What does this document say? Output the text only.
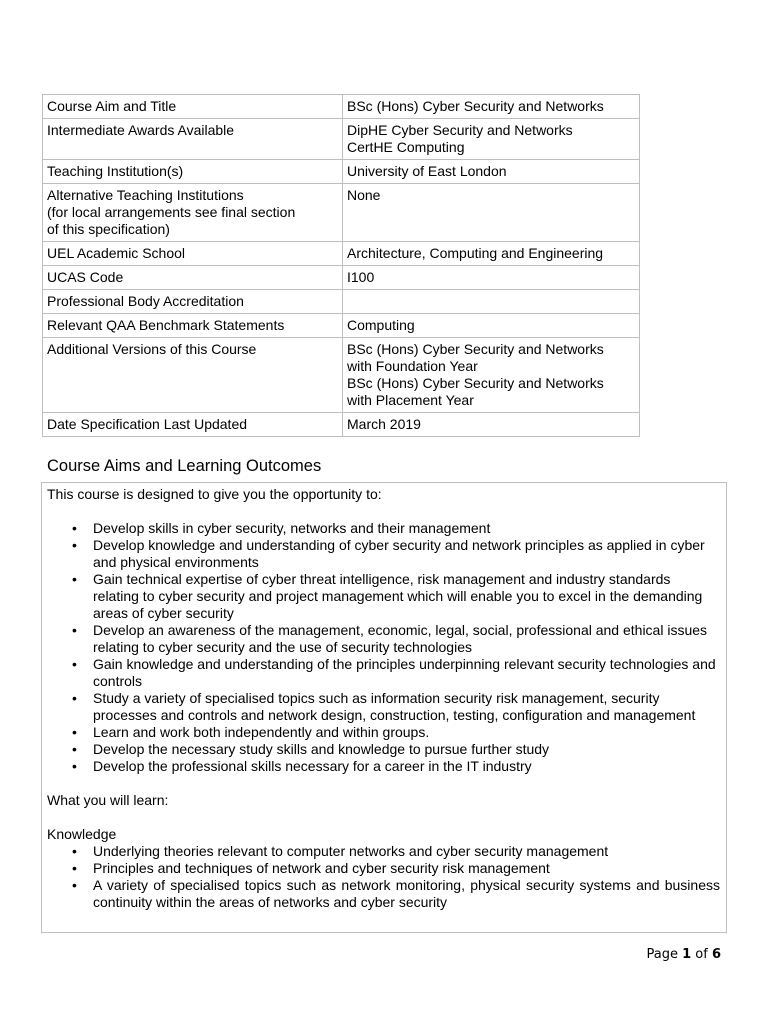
Course Aim and Title	BSc (Hons) Cyber Security and Networks

Intermediate Awards Available	DipHE Cyber Security and Networks
CertHE Computing

Teaching Institution(s)	University of East London

Alternative Teaching Institutions
(for local arrangements see final section
of this specification)	None

UEL Academic School	Architecture, Computing and Engineering

UCAS Code	I100

Professional Body Accreditation	

Relevant QAA Benchmark Statements	Computing

Additional Versions of this Course	BSc (Hons) Cyber Security and Networks
with Foundation Year
BSc (Hons) Cyber Security and Networks
with Placement Year

Date Specification Last Updated	March 2019
Course Aims and Learning Outcomes

This course is designed to give you the opportunity to:

• Develop skills in cyber security, networks and their management
• Develop knowledge and understanding of cyber security and network principles as applied in cyber and physical environments
• Gain technical expertise of cyber threat intelligence, risk management and industry standards relating to cyber security and project management which will enable you to excel in the demanding areas of cyber security
• Develop an awareness of the management, economic, legal, social, professional and ethical issues relating to cyber security and the use of security technologies
• Gain knowledge and understanding of the principles underpinning relevant security technologies and controls
• Study a variety of specialised topics such as information security risk management, security processes and controls and network design, construction, testing, configuration and management
• Learn and work both independently and within groups.
• Develop the necessary study skills and knowledge to pursue further study
• Develop the professional skills necessary for a career in the IT industry

What you will learn:

Knowledge

• Underlying theories relevant to computer networks and cyber security management
• Principles and techniques of network and cyber security risk management
• A variety of specialised topics such as network monitoring, physical security systems and business continuity within the areas of networks and cyber security
Page 1 of 6
